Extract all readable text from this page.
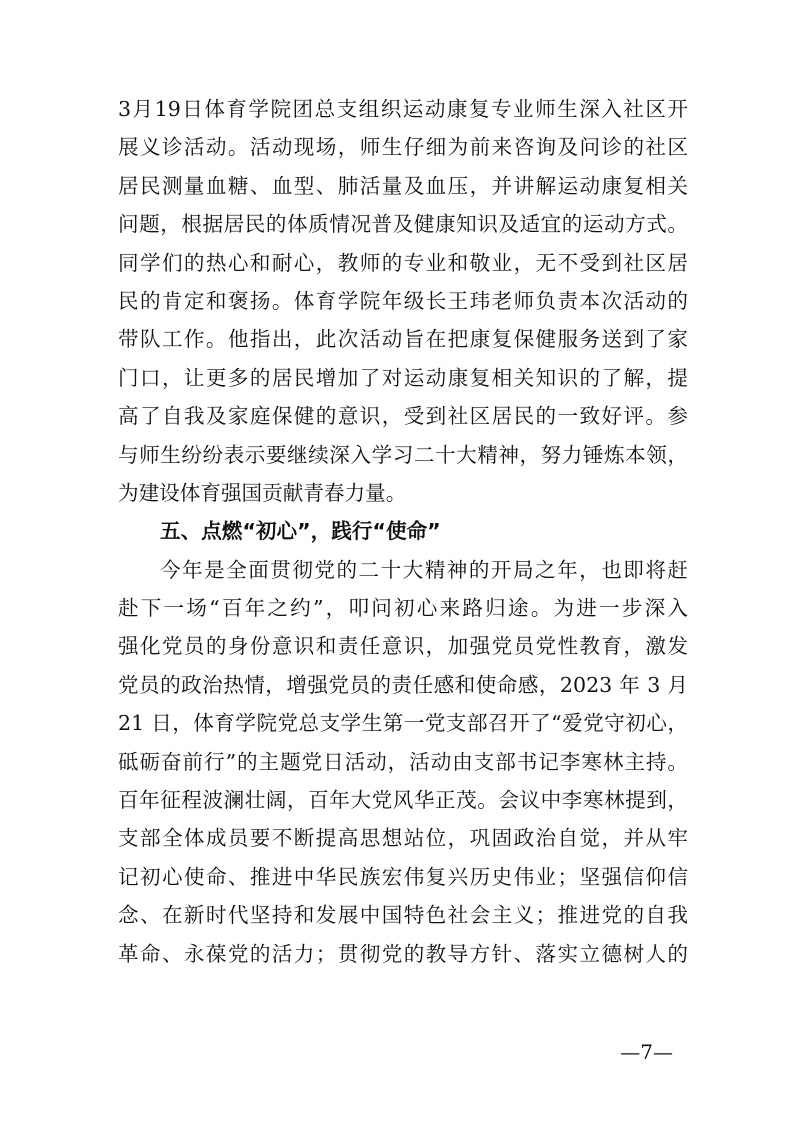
3月19日体育学院团总支组织运动康复专业师生深入社区开
展义诊活动。活动现场，师生仔细为前来咨询及问诊的社区
居民测量血糖、血型、肺活量及血压，并讲解运动康复相关
问题，根据居民的体质情况普及健康知识及适宜的运动方式。
同学们的热心和耐心，教师的专业和敬业，无不受到社区居
民的肯定和褒扬。体育学院年级长王玮老师负责本次活动的
带队工作。他指出，此次活动旨在把康复保健服务送到了家
门口，让更多的居民增加了对运动康复相关知识的了解，提
高了自我及家庭保健的意识，受到社区居民的一致好评。参
与师生纷纷表示要继续深入学习二十大精神，努力锤炼本领，
为建设体育强国贡献青春力量。
五、点燃“初心”，践行“使命”
今年是全面贯彻党的二十大精神的开局之年，也即将赶
赴下一场“百年之约”，叩问初心来路归途。为进一步深入
强化党员的身份意识和责任意识，加强党员党性教育，激发
党员的政治热情，增强党员的责任感和使命感，2023 年 3 月
21 日，体育学院党总支学生第一党支部召开了“爱党守初心，
砥砺奋前行”的主题党日活动，活动由支部书记李寒林主持。
百年征程波澜壮阔，百年大党风华正茂。会议中李寒林提到，
支部全体成员要不断提高思想站位，巩固政治自觉，并从牢
记初心使命、推进中华民族宏伟复兴历史伟业；坚强信仰信
念、在新时代坚持和发展中国特色社会主义；推进党的自我
革命、永葆党的活力；贯彻党的教导方针、落实立德树人的
—7—
